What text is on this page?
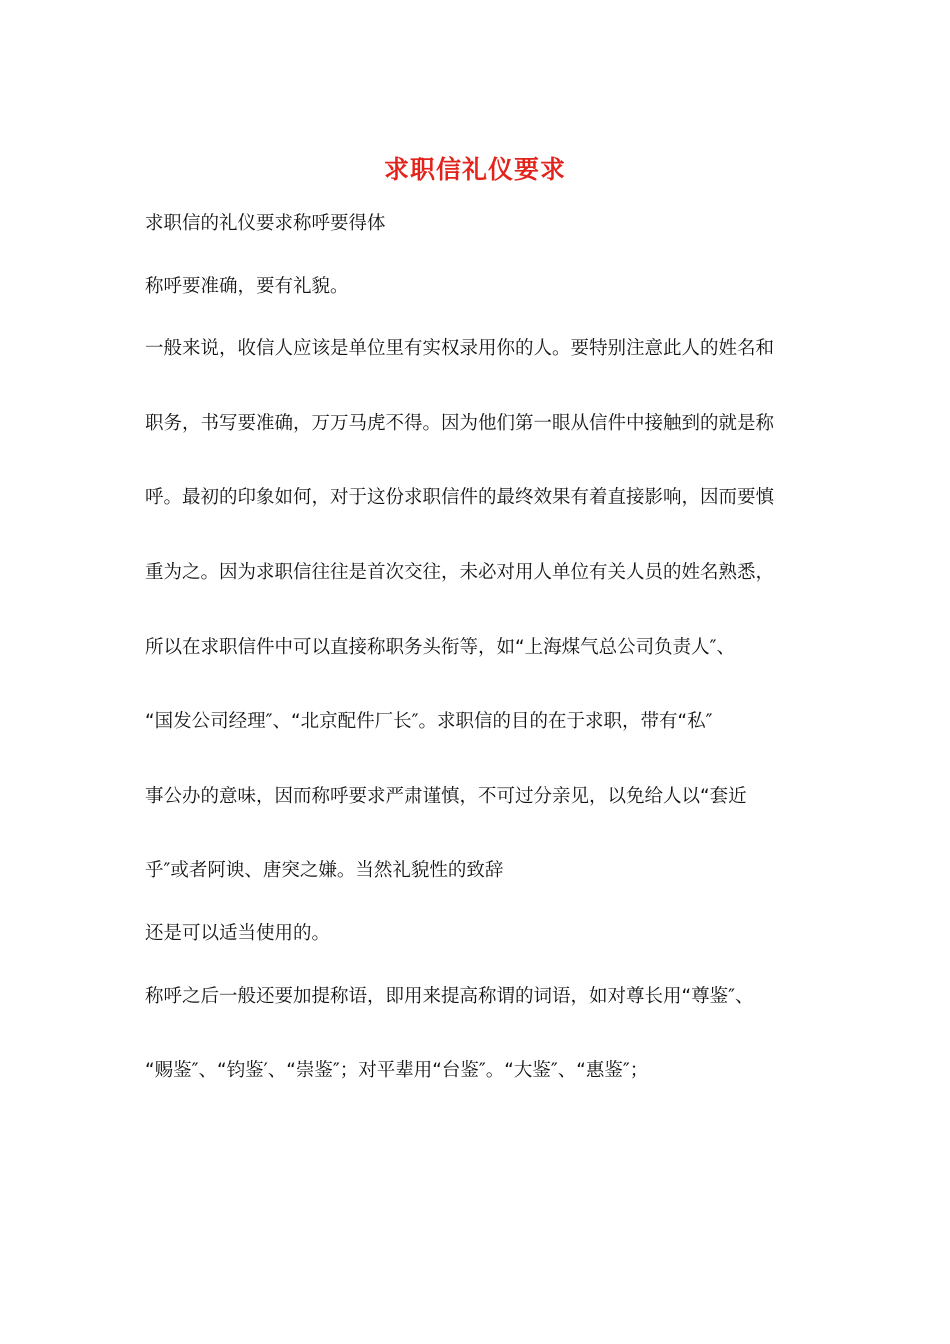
求职信礼仪要求

求职信的礼仪要求称呼要得体

称呼要准确，要有礼貌。

一般来说，收信人应该是单位里有实权录用你的人。要特别注意此人的姓名和

职务，书写要准确，万万马虎不得。因为他们第一眼从信件中接触到的就是称

呼。最初的印象如何，对于这份求职信件的最终效果有着直接影响，因而要慎

重为之。因为求职信往往是首次交往，未必对用人单位有关人员的姓名熟悉，

所以在求职信件中可以直接称职务头衔等，如“上海煤气总公司负责人″、

“国发公司经理″、“北京配件厂长″。求职信的目的在于求职，带有“私″

事公办的意味，因而称呼要求严肃谨慎，不可过分亲见，以免给人以“套近

乎″或者阿谀、唐突之嫌。当然礼貌性的致辞

还是可以适当使用的。

称呼之后一般还要加提称语，即用来提高称谓的词语，如对尊长用“尊鉴″、

“赐鉴″、“钧鉴′、“崇鉴″；对平辈用“台鉴″。“大鉴″、“惠鉴″；
